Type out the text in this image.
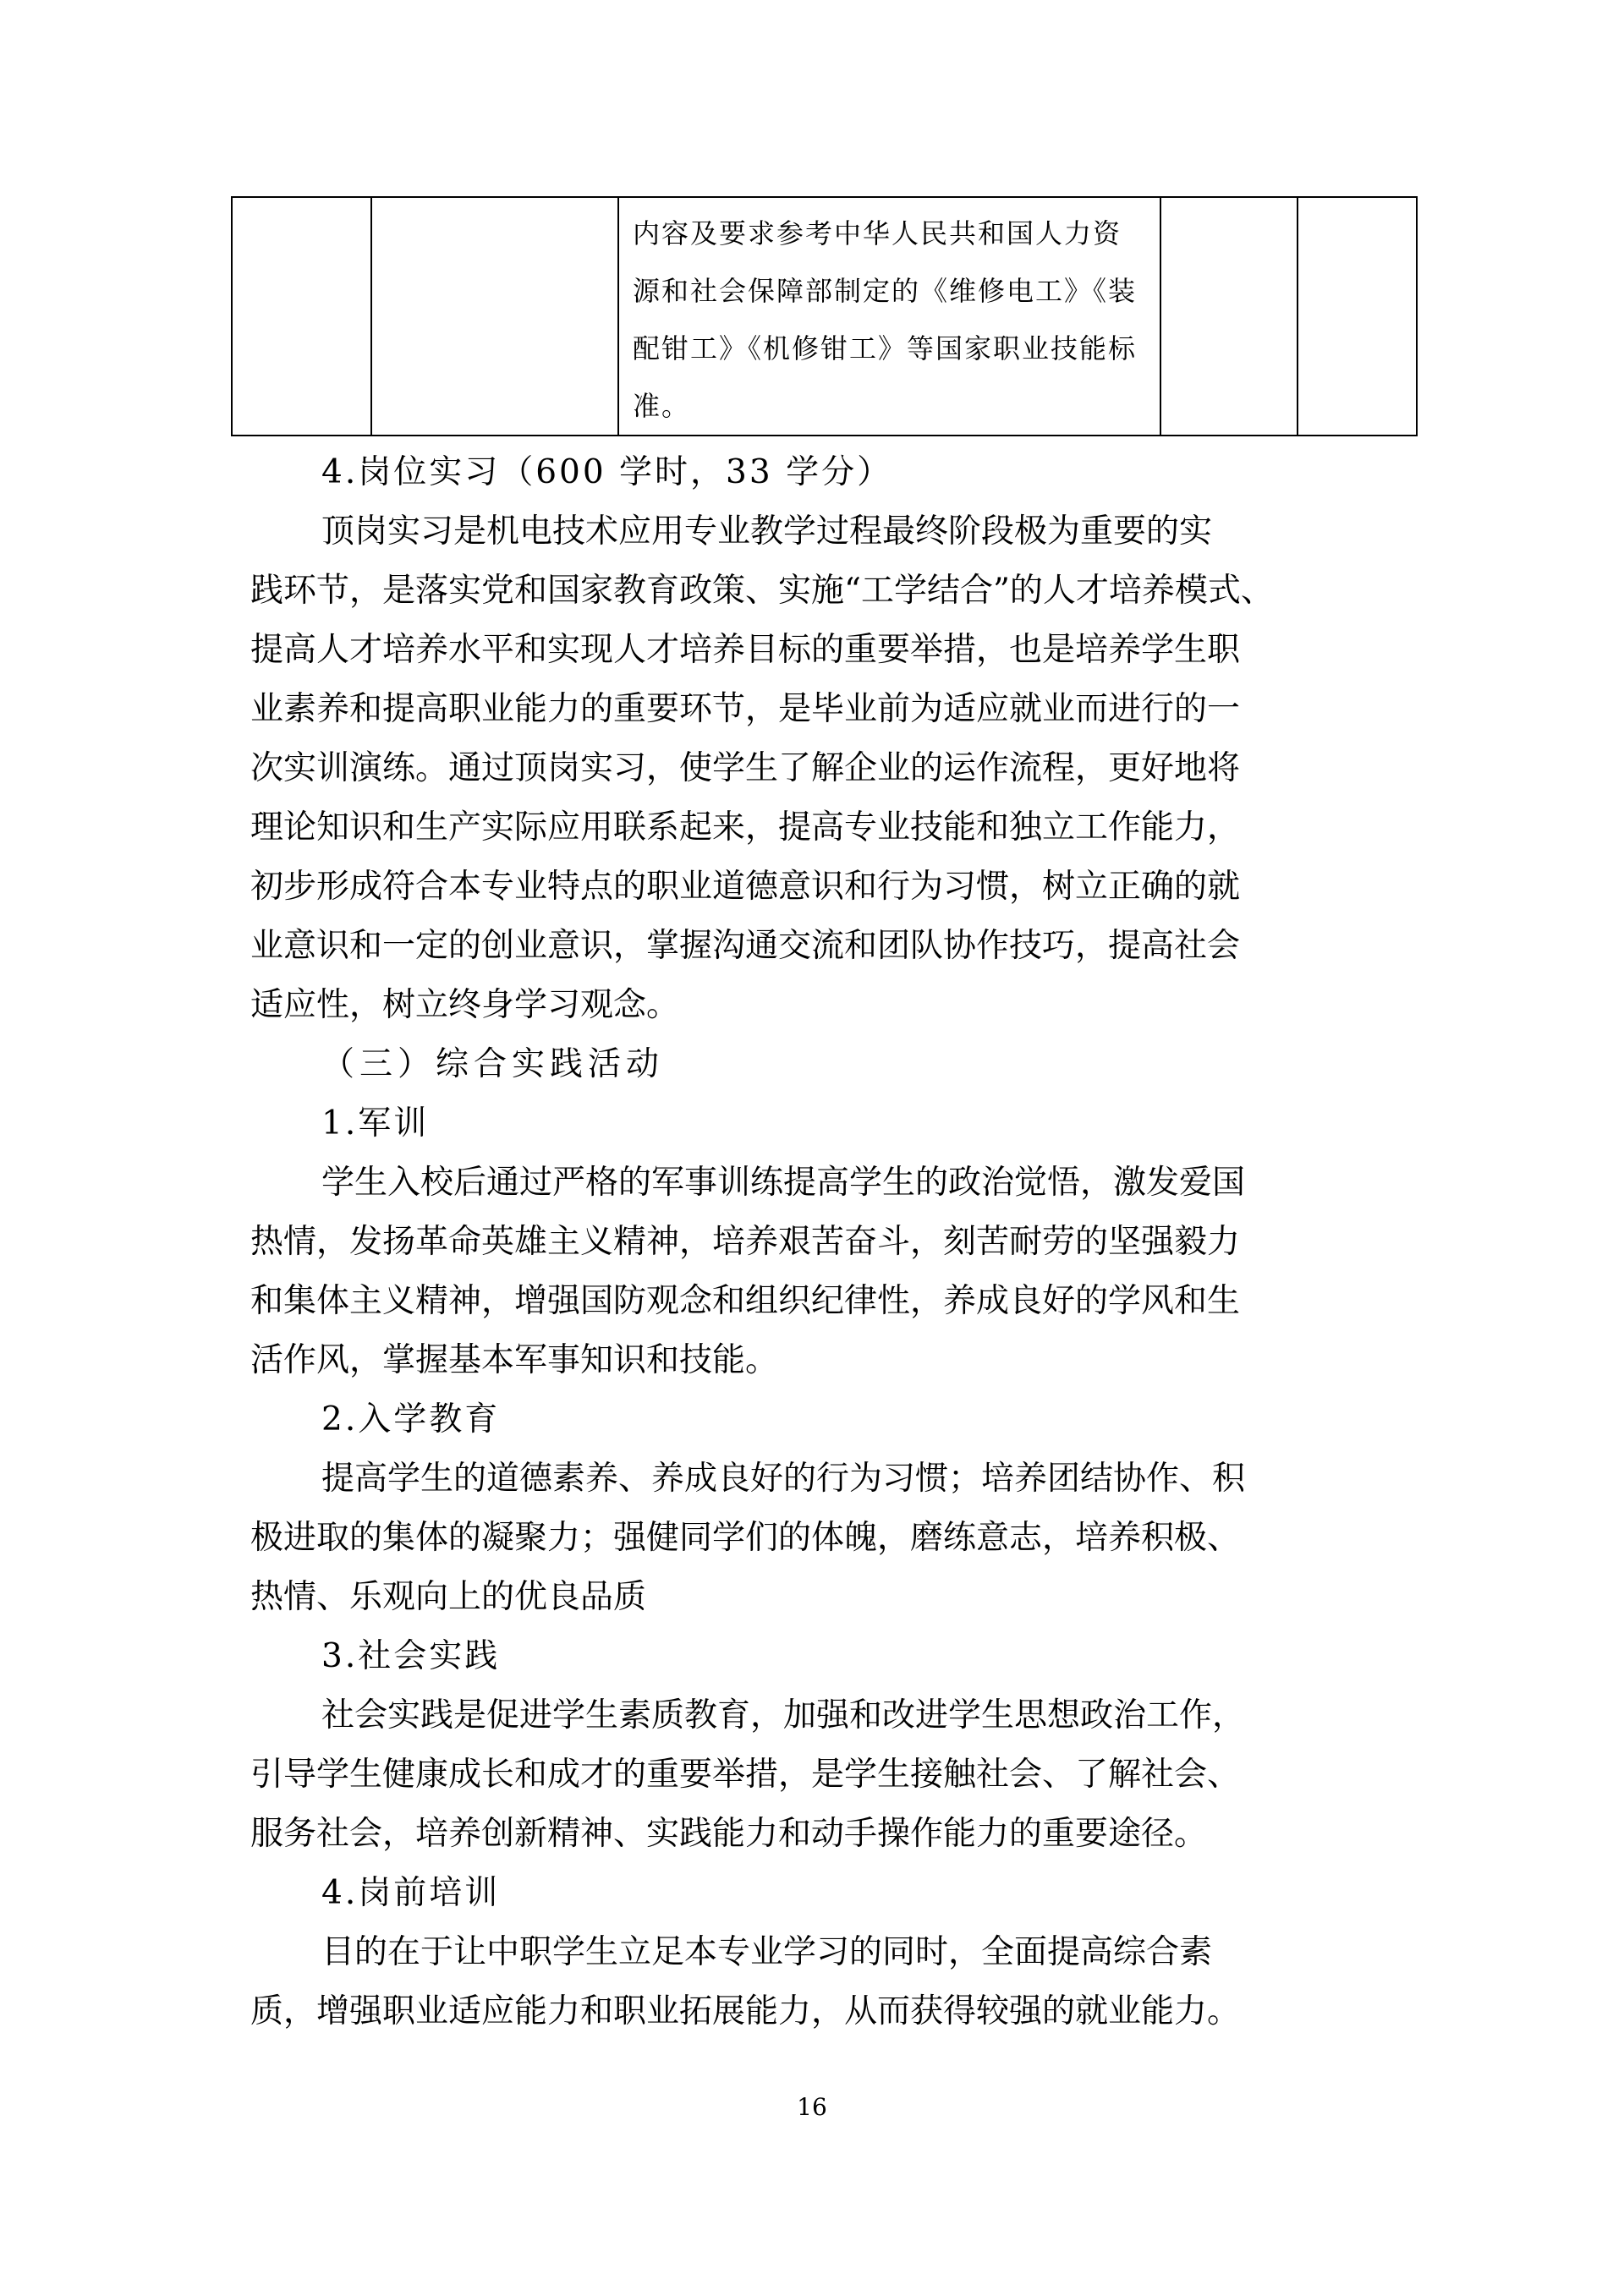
内容及要求参考中华人民共和国人力资
源和社会保障部制定的《维修电工》《装
配钳工》《机修钳工》等国家职业技能标
准。

4.岗位实习（600 学时，33 学分）
顶岗实习是机电技术应用专业教学过程最终阶段极为重要的实
践环节，是落实党和国家教育政策、实施“工学结合”的人才培养模式、
提高人才培养水平和实现人才培养目标的重要举措，也是培养学生职
业素养和提高职业能力的重要环节，是毕业前为适应就业而进行的一
次实训演练。通过顶岗实习，使学生了解企业的运作流程，更好地将
理论知识和生产实际应用联系起来，提高专业技能和独立工作能力，
初步形成符合本专业特点的职业道德意识和行为习惯，树立正确的就
业意识和一定的创业意识，掌握沟通交流和团队协作技巧，提高社会
适应性，树立终身学习观念。
（三）综合实践活动
1.军训
学生入校后通过严格的军事训练提高学生的政治觉悟，激发爱国
热情，发扬革命英雄主义精神，培养艰苦奋斗，刻苦耐劳的坚强毅力
和集体主义精神，增强国防观念和组织纪律性，养成良好的学风和生
活作风，掌握基本军事知识和技能。
2.入学教育
提高学生的道德素养、养成良好的行为习惯；培养团结协作、积
极进取的集体的凝聚力；强健同学们的体魄，磨练意志，培养积极、
热情、乐观向上的优良品质
3.社会实践
社会实践是促进学生素质教育，加强和改进学生思想政治工作，
引导学生健康成长和成才的重要举措，是学生接触社会、了解社会、
服务社会，培养创新精神、实践能力和动手操作能力的重要途径。
4.岗前培训
目的在于让中职学生立足本专业学习的同时，全面提高综合素
质，增强职业适应能力和职业拓展能力，从而获得较强的就业能力。
16
